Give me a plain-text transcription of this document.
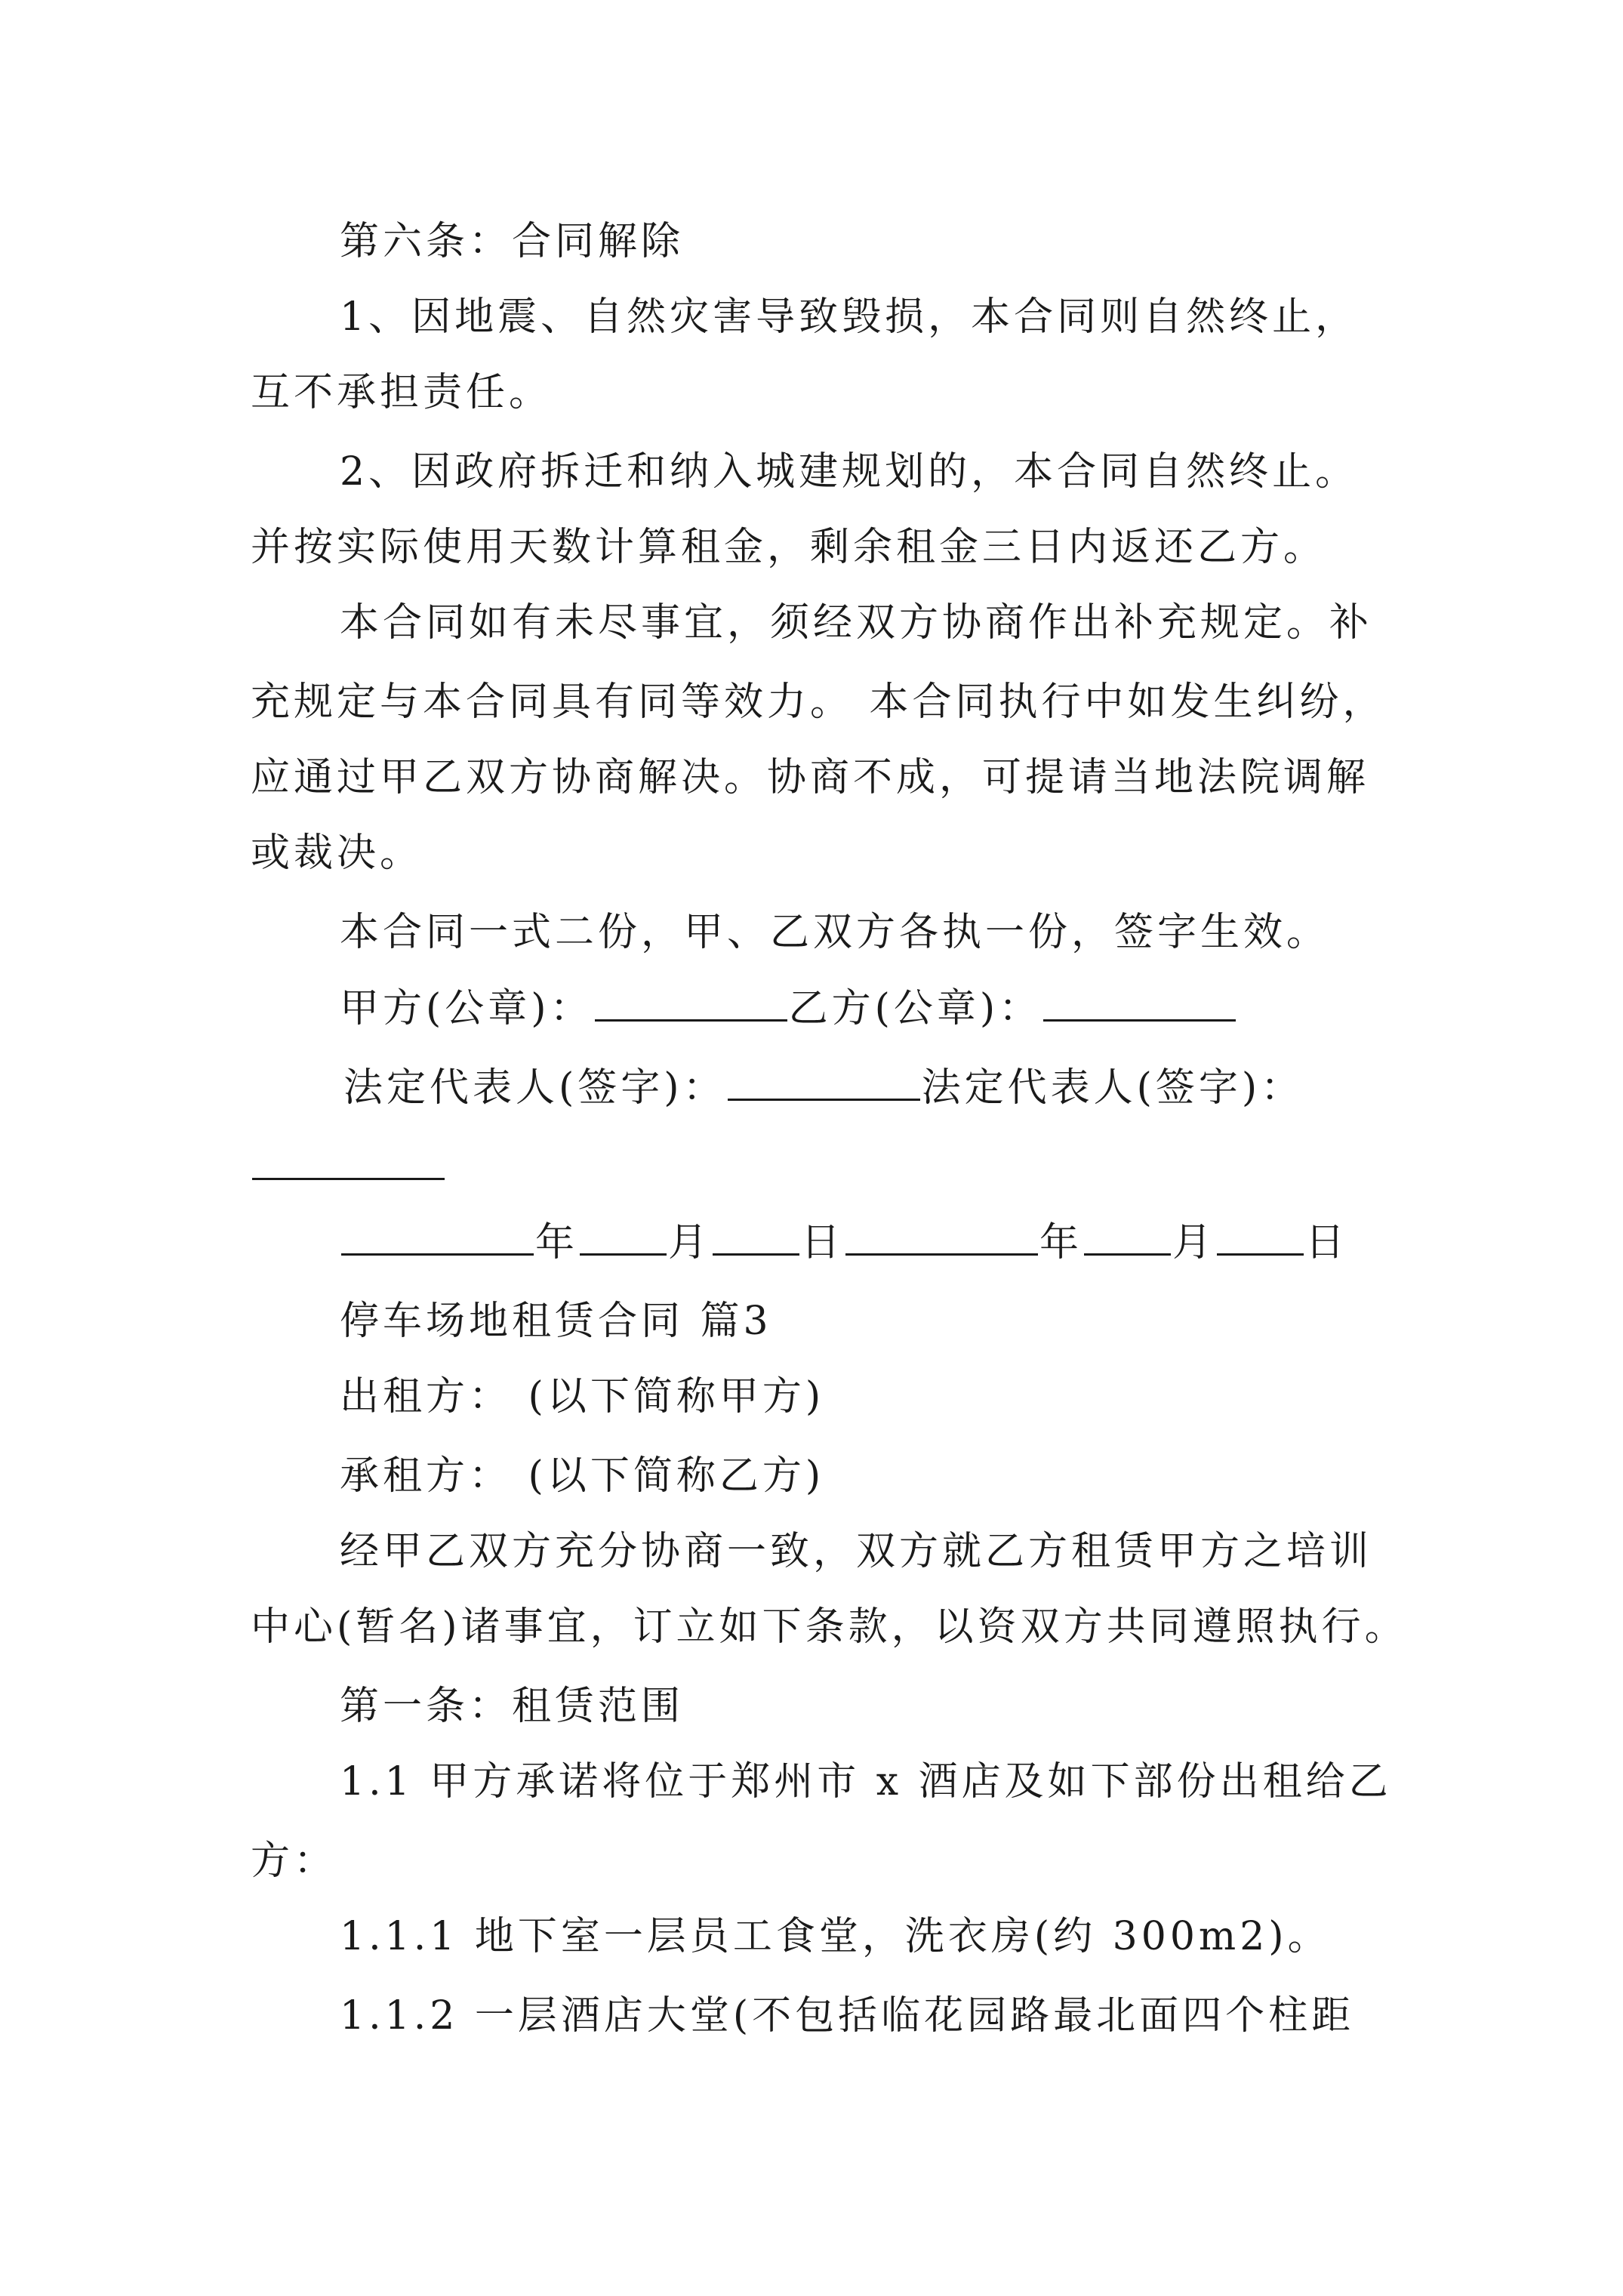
第六条：合同解除
1、因地震、自然灾害导致毁损，本合同则自然终止，
互不承担责任。
2、因政府拆迁和纳入城建规划的，本合同自然终止。
并按实际使用天数计算租金，剩余租金三日内返还乙方。
本合同如有未尽事宜，须经双方协商作出补充规定。补
充规定与本合同具有同等效力。 本合同执行中如发生纠纷，
应通过甲乙双方协商解决。协商不成，可提请当地法院调解
或裁决。
本合同一式二份，甲、乙双方各执一份，签字生效。
甲方(公章)：	乙方(公章)：
法定代表人(签字)：	法定代表人(签字)：
年 月 日	年 月 日
停车场地租赁合同 篇3
出租方： (以下简称甲方)
承租方： (以下简称乙方)
经甲乙双方充分协商一致，双方就乙方租赁甲方之培训
中心(暂名)诸事宜，订立如下条款，以资双方共同遵照执行。
第一条：租赁范围
1.1 甲方承诺将位于郑州市 x 酒店及如下部份出租给乙
方：
1.1.1 地下室一层员工食堂，洗衣房(约 300m2)。
1.1.2 一层酒店大堂(不包括临花园路最北面四个柱距
